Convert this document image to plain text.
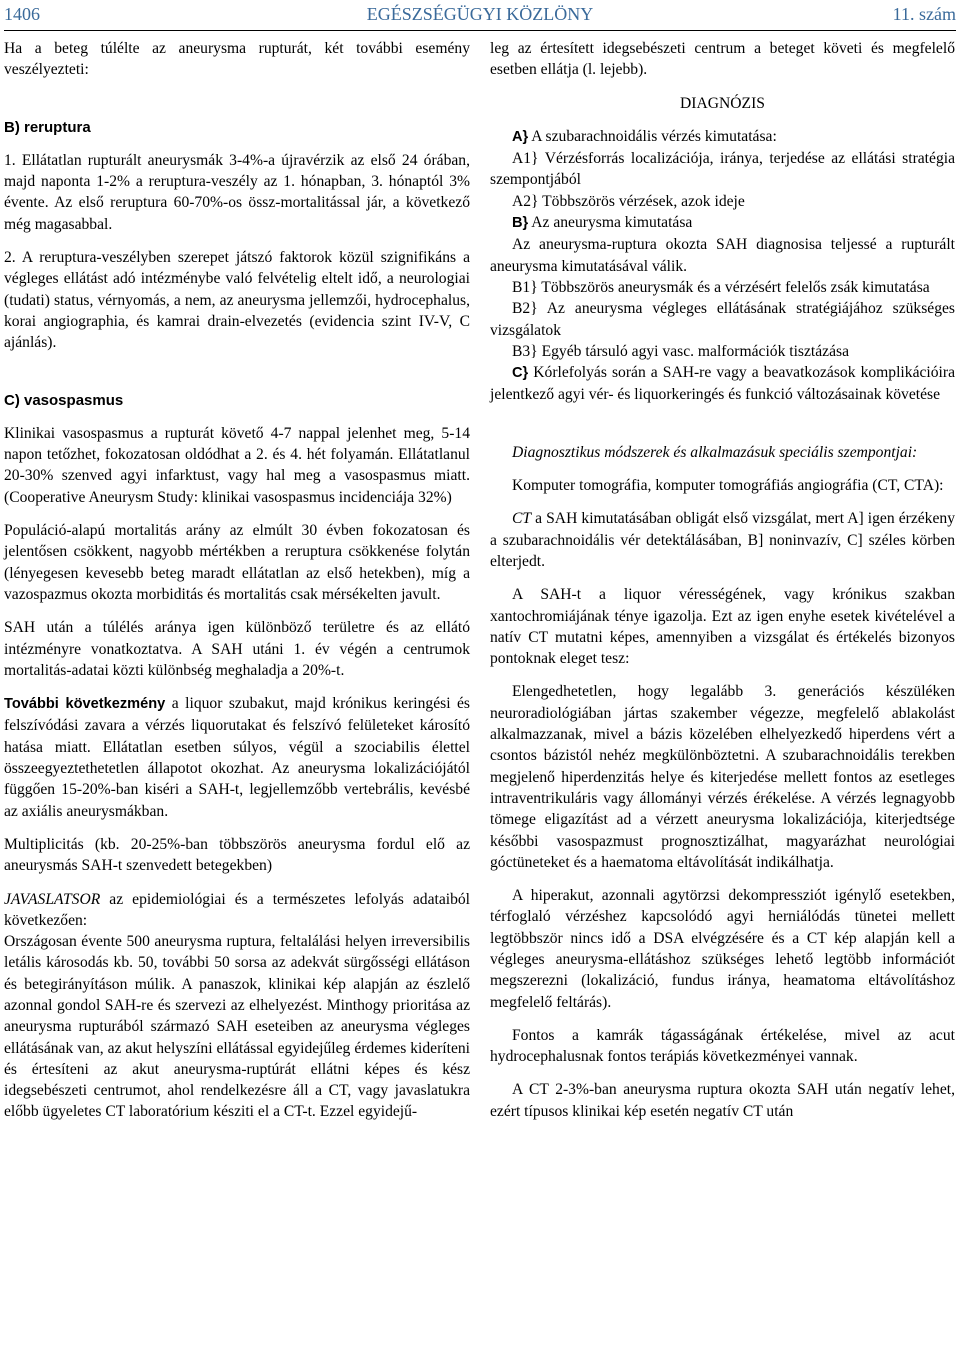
1406	EGÉSZSÉGÜGYI KÖZLÖNY	11. szám

Ha a beteg túlélte az aneurysma rupturát, két további esemény veszélyezteti:

B) reruptura

1. Ellátatlan rupturált aneurysmák 3-4%-a újravérzik az első 24 órában, majd naponta 1-2% a reruptura-veszély az 1. hónapban, 3. hónaptól 3% évente. Az első reruptura 60-70%-os össz-mortalitással jár, a következő még magasabbal.

2. A reruptura-veszélyben szerepet játszó faktorok közül szignifikáns a végleges ellátást adó intézménybe való felvételig eltelt idő, a neurologiai (tudati) status, vérnyomás, a nem, az aneurysma jellemzői, hydrocephalus, korai angiographia, és kamrai drain-elvezetés (evidencia szint IV-V, C ajánlás).

C) vasospasmus

Klinikai vasospasmus a rupturát követő 4-7 nappal jelenhet meg, 5-14 napon tetőzhet, fokozatosan oldódhat a 2. és 4. hét folyamán. Ellátatlanul 20-30% szenved agyi infarktust, vagy hal meg a vasospasmus miatt. (Cooperative Aneurysm Study: klinikai vasospasmus incidenciája 32%)

Populáció-alapú mortalitás arány az elmúlt 30 évben fokozatosan és jelentősen csökkent, nagyobb mértékben a reruptura csökkenése folytán (lényegesen kevesebb beteg maradt ellátatlan az első hetekben), míg a vazospazmus okozta morbiditás és mortalitás csak mérsékelten javult.

SAH után a túlélés aránya igen különböző területre és az ellátó intézményre vonatkoztatva. A SAH utáni 1. év végén a centrumok mortalitás-adatai közti különbség meghaladja a 20%-t.

További következmény a liquor szubakut, majd krónikus keringési és felszívódási zavara a vérzés liquorutakat és felszívó felületeket károsító hatása miatt. Ellátatlan esetben súlyos, végül a szociabilis élettel összeegyeztethetetlen állapotot okozhat. Az aneurysma lokalizációjától függően 15-20%-ban kiséri a SAH-t, legjellemzőbb vertebrális, kevésbé az axiális aneurysmákban.

Multiplicitás (kb. 20-25%-ban többszörös aneurysma fordul elő az aneurysmás SAH-t szenvedett betegekben)

JAVASLATSOR az epidemiológiai és a természetes lefolyás adataiból következően:

Országosan évente 500 aneurysma ruptura, feltalálási helyen irreversibilis letális károsodás kb. 50, további 50 sorsa az adekvát sürgősségi ellátáson és betegirányításon múlik. A panaszok, klinikai kép alapján az észlelő azonnal gondol SAH-re és szervezi az elhelyezést. Minthogy prioritása az aneurysma rupturából származó SAH eseteiben az aneurysma végleges ellátásának van, az akut helyszíni ellátással egyidejűleg érdemes kideríteni és értesíteni az akut aneurysma-ruptúrát ellátni képes és kész idegsebészeti centrumot, ahol rendelkezésre áll a CT, vagy javaslatukra előbb ügyeletes CT laboratórium késziti el a CT-t. Ezzel egyidejű-

leg az értesített idegsebészeti centrum a beteget követi és megfelelő esetben ellátja (l. lejebb).

DIAGNÓZIS

A} A szubarachnoidális vérzés kimutatása:

A1} Vérzésforrás localizációja, iránya, terjedése az ellátási stratégia szempontjából

A2} Többszörös vérzések, azok ideje

B} Az aneurysma kimutatása

Az aneurysma-ruptura okozta SAH diagnosisa teljessé a rupturált aneurysma kimutatásával válik.

B1} Többszörös aneurysmák és a vérzésért felelős zsák kimutatása

B2} Az aneurysma végleges ellátásának stratégiájához szükséges vizsgálatok

B3} Egyéb társuló agyi vasc. malformációk tisztázása

C} Kórlefolyás során a SAH-re vagy a beavatkozások komplikációira jelentkező agyi vér- és liquorkeringés és funkció változásainak követése

Diagnosztikus módszerek és alkalmazásuk speciális szempontjai:

Komputer tomográfia, komputer tomográfiás angiográfia (CT, CTA):

CT a SAH kimutatásában obligát első vizsgálat, mert A] igen érzékeny a szubarachnoidális vér detektálásában, B] noninvazív, C] széles körben elterjedt.

A SAH-t a liquor vérességének, vagy krónikus szakban xantochromiájának ténye igazolja. Ezt az igen enyhe esetek kivételével a natív CT mutatni képes, amennyiben a vizsgálat és értékelés bizonyos pontoknak eleget tesz:

Elengedhetetlen, hogy legalább 3. generációs készüléken neuroradiológiában jártas szakember végezze, megfelelő ablakolást alkalmazzanak, mivel a bázis közelében elhelyezkedő hiperdens vért a csontos bázistól nehéz megkülönböztetni. A szubarachnoidális terekben megjelenő hiperdenzitás helye és kiterjedése mellett fontos az esetleges intraventrikuláris vagy állományi vérzés érékelése. A vérzés legnagyobb tömege eligazítást ad a vérzett aneurysma lokalizációja, kiterjedtsége későbbi vasospazmust prognosztizálhat, magyarázhat neurológiai góctüneteket és a haematoma eltávolítását indikálhatja.

A hiperakut, azonnali agytörzsi dekompressziót igénylő esetekben, térfoglaló vérzéshez kapcsolódó agyi herniálódás tünetei mellett legtöbbször nincs idő a DSA elvégzésére és a CT kép alapján kell a végleges aneurysma-ellátáshoz szükséges lehető legtöbb információt megszerezni (lokalizáció, fundus iránya, heamatoma eltávolításhoz megfelelő feltárás).

Fontos a kamrák tágasságának értékelése, mivel az acut hydrocephalusnak fontos terápiás következményei vannak.

A CT 2-3%-ban aneurysma ruptura okozta SAH után negatív lehet, ezért típusos klinikai kép esetén negatív CT után
